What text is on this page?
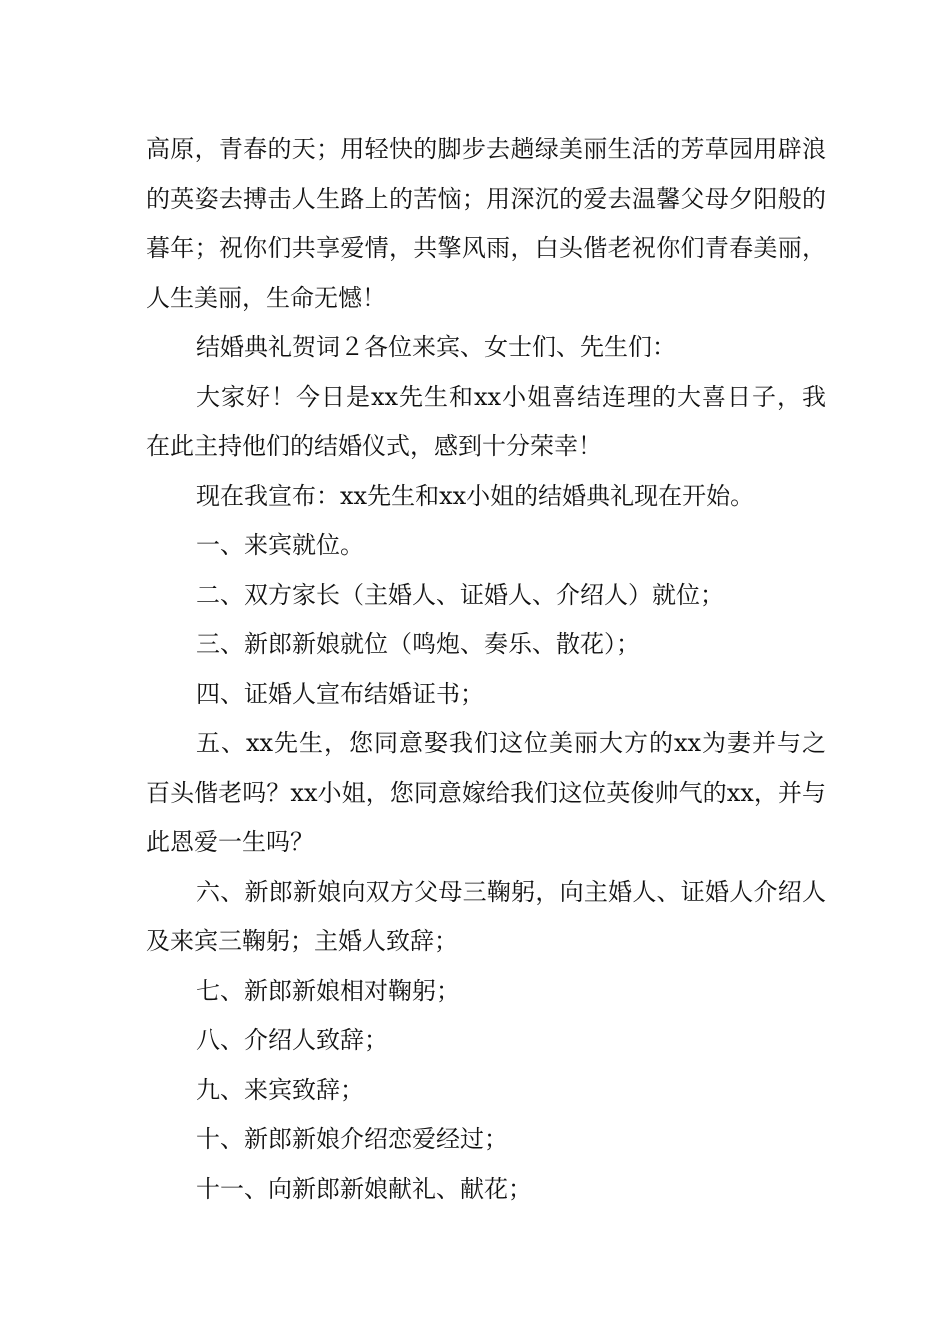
高原，青春的天；用轻快的脚步去趟绿美丽生活的芳草园用辟浪的英姿去搏击人生路上的苦恼；用深沉的爱去温馨父母夕阳般的暮年；祝你们共享爱情，共擎风雨，白头偕老祝你们青春美丽，人生美丽，生命无憾！

结婚典礼贺词２各位来宾、女士们、先生们：

大家好！今日是xx先生和xx小姐喜结连理的大喜日子，我在此主持他们的结婚仪式，感到十分荣幸！

现在我宣布：xx先生和xx小姐的结婚典礼现在开始。

一、来宾就位。

二、双方家长（主婚人、证婚人、介绍人）就位；

三、新郎新娘就位（鸣炮、奏乐、散花）；

四、证婚人宣布结婚证书；

五、xx先生，您同意娶我们这位美丽大方的xx为妻并与之百头偕老吗？xx小姐，您同意嫁给我们这位英俊帅气的xx，并与此恩爱一生吗？

六、新郎新娘向双方父母三鞠躬，向主婚人、证婚人介绍人及来宾三鞠躬；主婚人致辞；

七、新郎新娘相对鞠躬；

八、介绍人致辞；

九、来宾致辞；

十、新郎新娘介绍恋爱经过；

十一、向新郎新娘献礼、献花；
